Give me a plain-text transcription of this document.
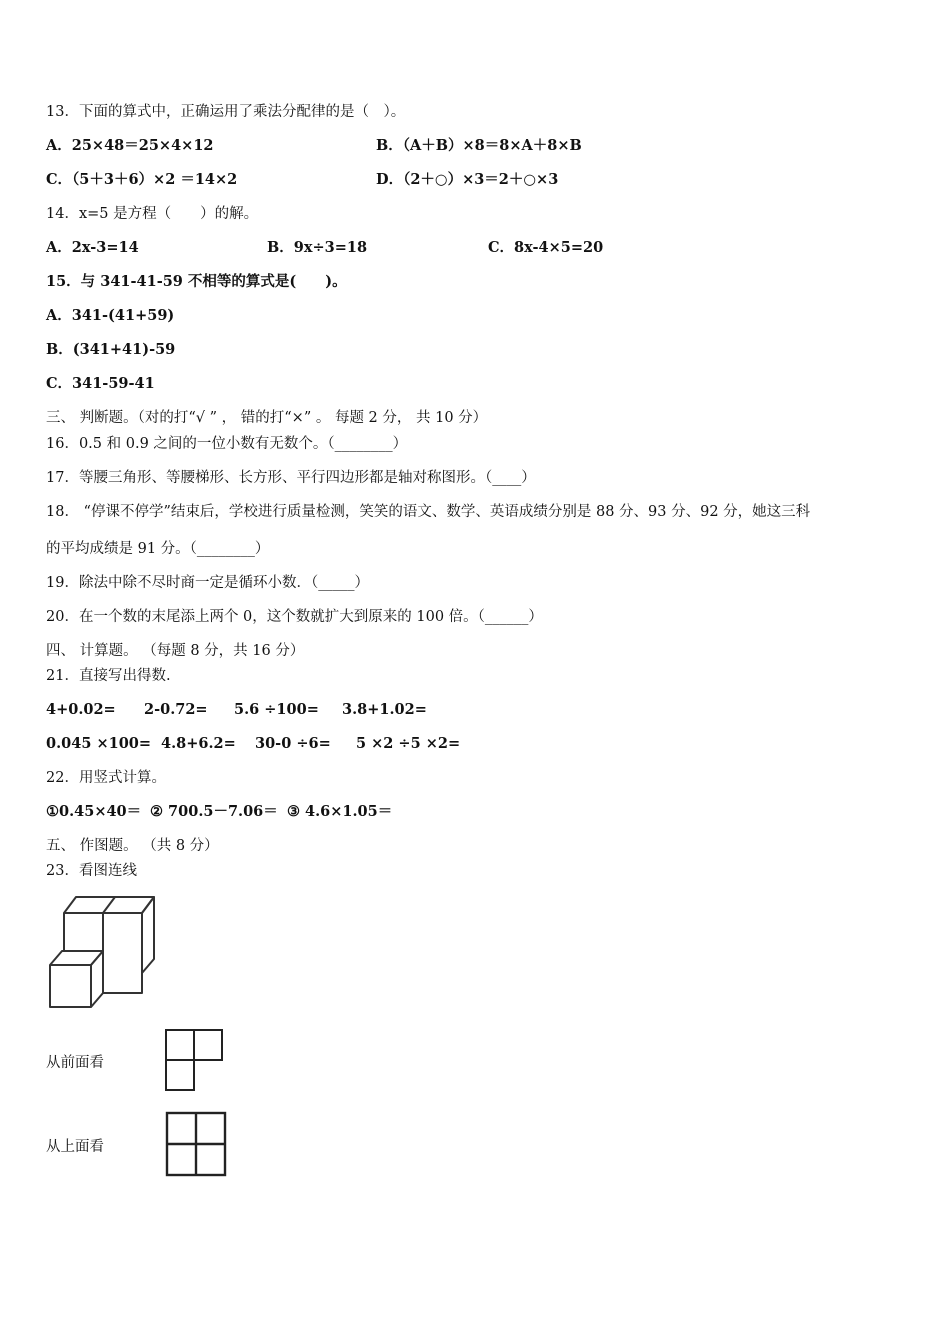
13．下面的算式中，正确运用了乘法分配律的是（　）。
A．25×48＝25×4×12	B．（A＋B）×8＝8×A＋8×B
C．（5＋3＋6）×2 ＝14×2	D．（2＋○）×3＝2＋○×3
14．x=5 是方程（　　）的解。
A．2x-3=14	B．9x÷3=18	C．8x-4×5=20
15．与 341-41-59 不相等的算式是(　　)。
A．341-(41+59)
B．(341+41)-59
C．341-59-41
三、 判断题。（对的打“√ ” ， 错的打“×” 。 每题 2 分， 共 10 分）
16．0.5 和 0.9 之间的一位小数有无数个。（________）
17．等腰三角形、等腰梯形、长方形、平行四边形都是轴对称图形。（____）
18． “停课不停学”结束后，学校进行质量检测，笑笑的语文、数学、英语成绩分别是 88 分、93 分、92 分，她这三科
的平均成绩是 91 分。（________）
19．除法中除不尽时商一定是循环小数．（_____）
20．在一个数的末尾添上两个 0，这个数就扩大到原来的 100 倍。（______）
四、 计算题。 （每题 8 分，共 16 分）
21．直接写出得数.
4+0.02= 2-0.72= 5.6 ÷100= 3.8+1.02=
0.045 ×100= 4.8+6.2= 30-0 ÷6= 5 ×2 ÷5 ×2=
22．用竖式计算。
①0.45×40＝ ② 700.5－7.06＝ ③ 4.6×1.05＝
五、 作图题。 （共 8 分）
23．看图连线
从前面看
从上面看
